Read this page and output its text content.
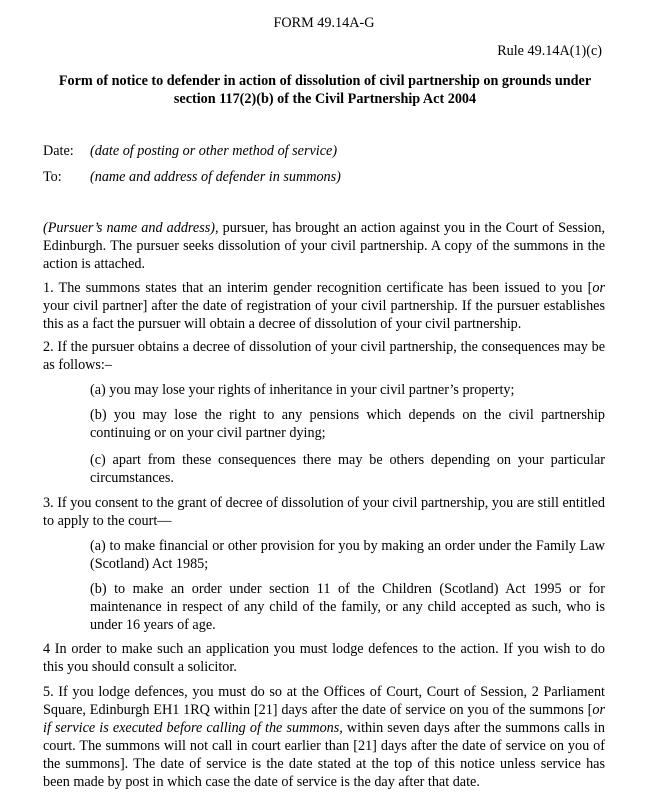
FORM 49.14A-G
Rule 49.14A(1)(c)
Form of notice to defender in action of dissolution of civil partnership on grounds under
section 117(2)(b) of the Civil Partnership Act 2004
Date: (date of posting or other method of service)
To: (name and address of defender in summons)
(Pursuer’s name and address), pursuer, has brought an action against you in the Court of Session, Edinburgh. The pursuer seeks dissolution of your civil partnership. A copy of the summons in the action is attached.
1. The summons states that an interim gender recognition certificate has been issued to you [or your civil partner] after the date of registration of your civil partnership. If the pursuer establishes this as a fact the pursuer will obtain a decree of dissolution of your civil partnership.
2. If the pursuer obtains a decree of dissolution of your civil partnership, the consequences may be as follows:–
(a) you may lose your rights of inheritance in your civil partner’s property;
(b) you may lose the right to any pensions which depends on the civil partnership continuing or on your civil partner dying;
(c) apart from these consequences there may be others depending on your particular circumstances.
3. If you consent to the grant of decree of dissolution of your civil partnership, you are still entitled to apply to the court—
(a) to make financial or other provision for you by making an order under the Family Law (Scotland) Act 1985;
(b) to make an order under section 11 of the Children (Scotland) Act 1995 or for maintenance in respect of any child of the family, or any child accepted as such, who is under 16 years of age.
4 In order to make such an application you must lodge defences to the action. If you wish to do this you should consult a solicitor.
5. If you lodge defences, you must do so at the Offices of Court, Court of Session, 2 Parliament Square, Edinburgh EH1 1RQ within [21] days after the date of service on you of the summons [or if service is executed before calling of the summons, within seven days after the summons calls in court. The summons will not call in court earlier than [21] days after the date of service on you of the summons]. The date of service is the date stated at the top of this notice unless service has been made by post in which case the date of service is the day after that date.
